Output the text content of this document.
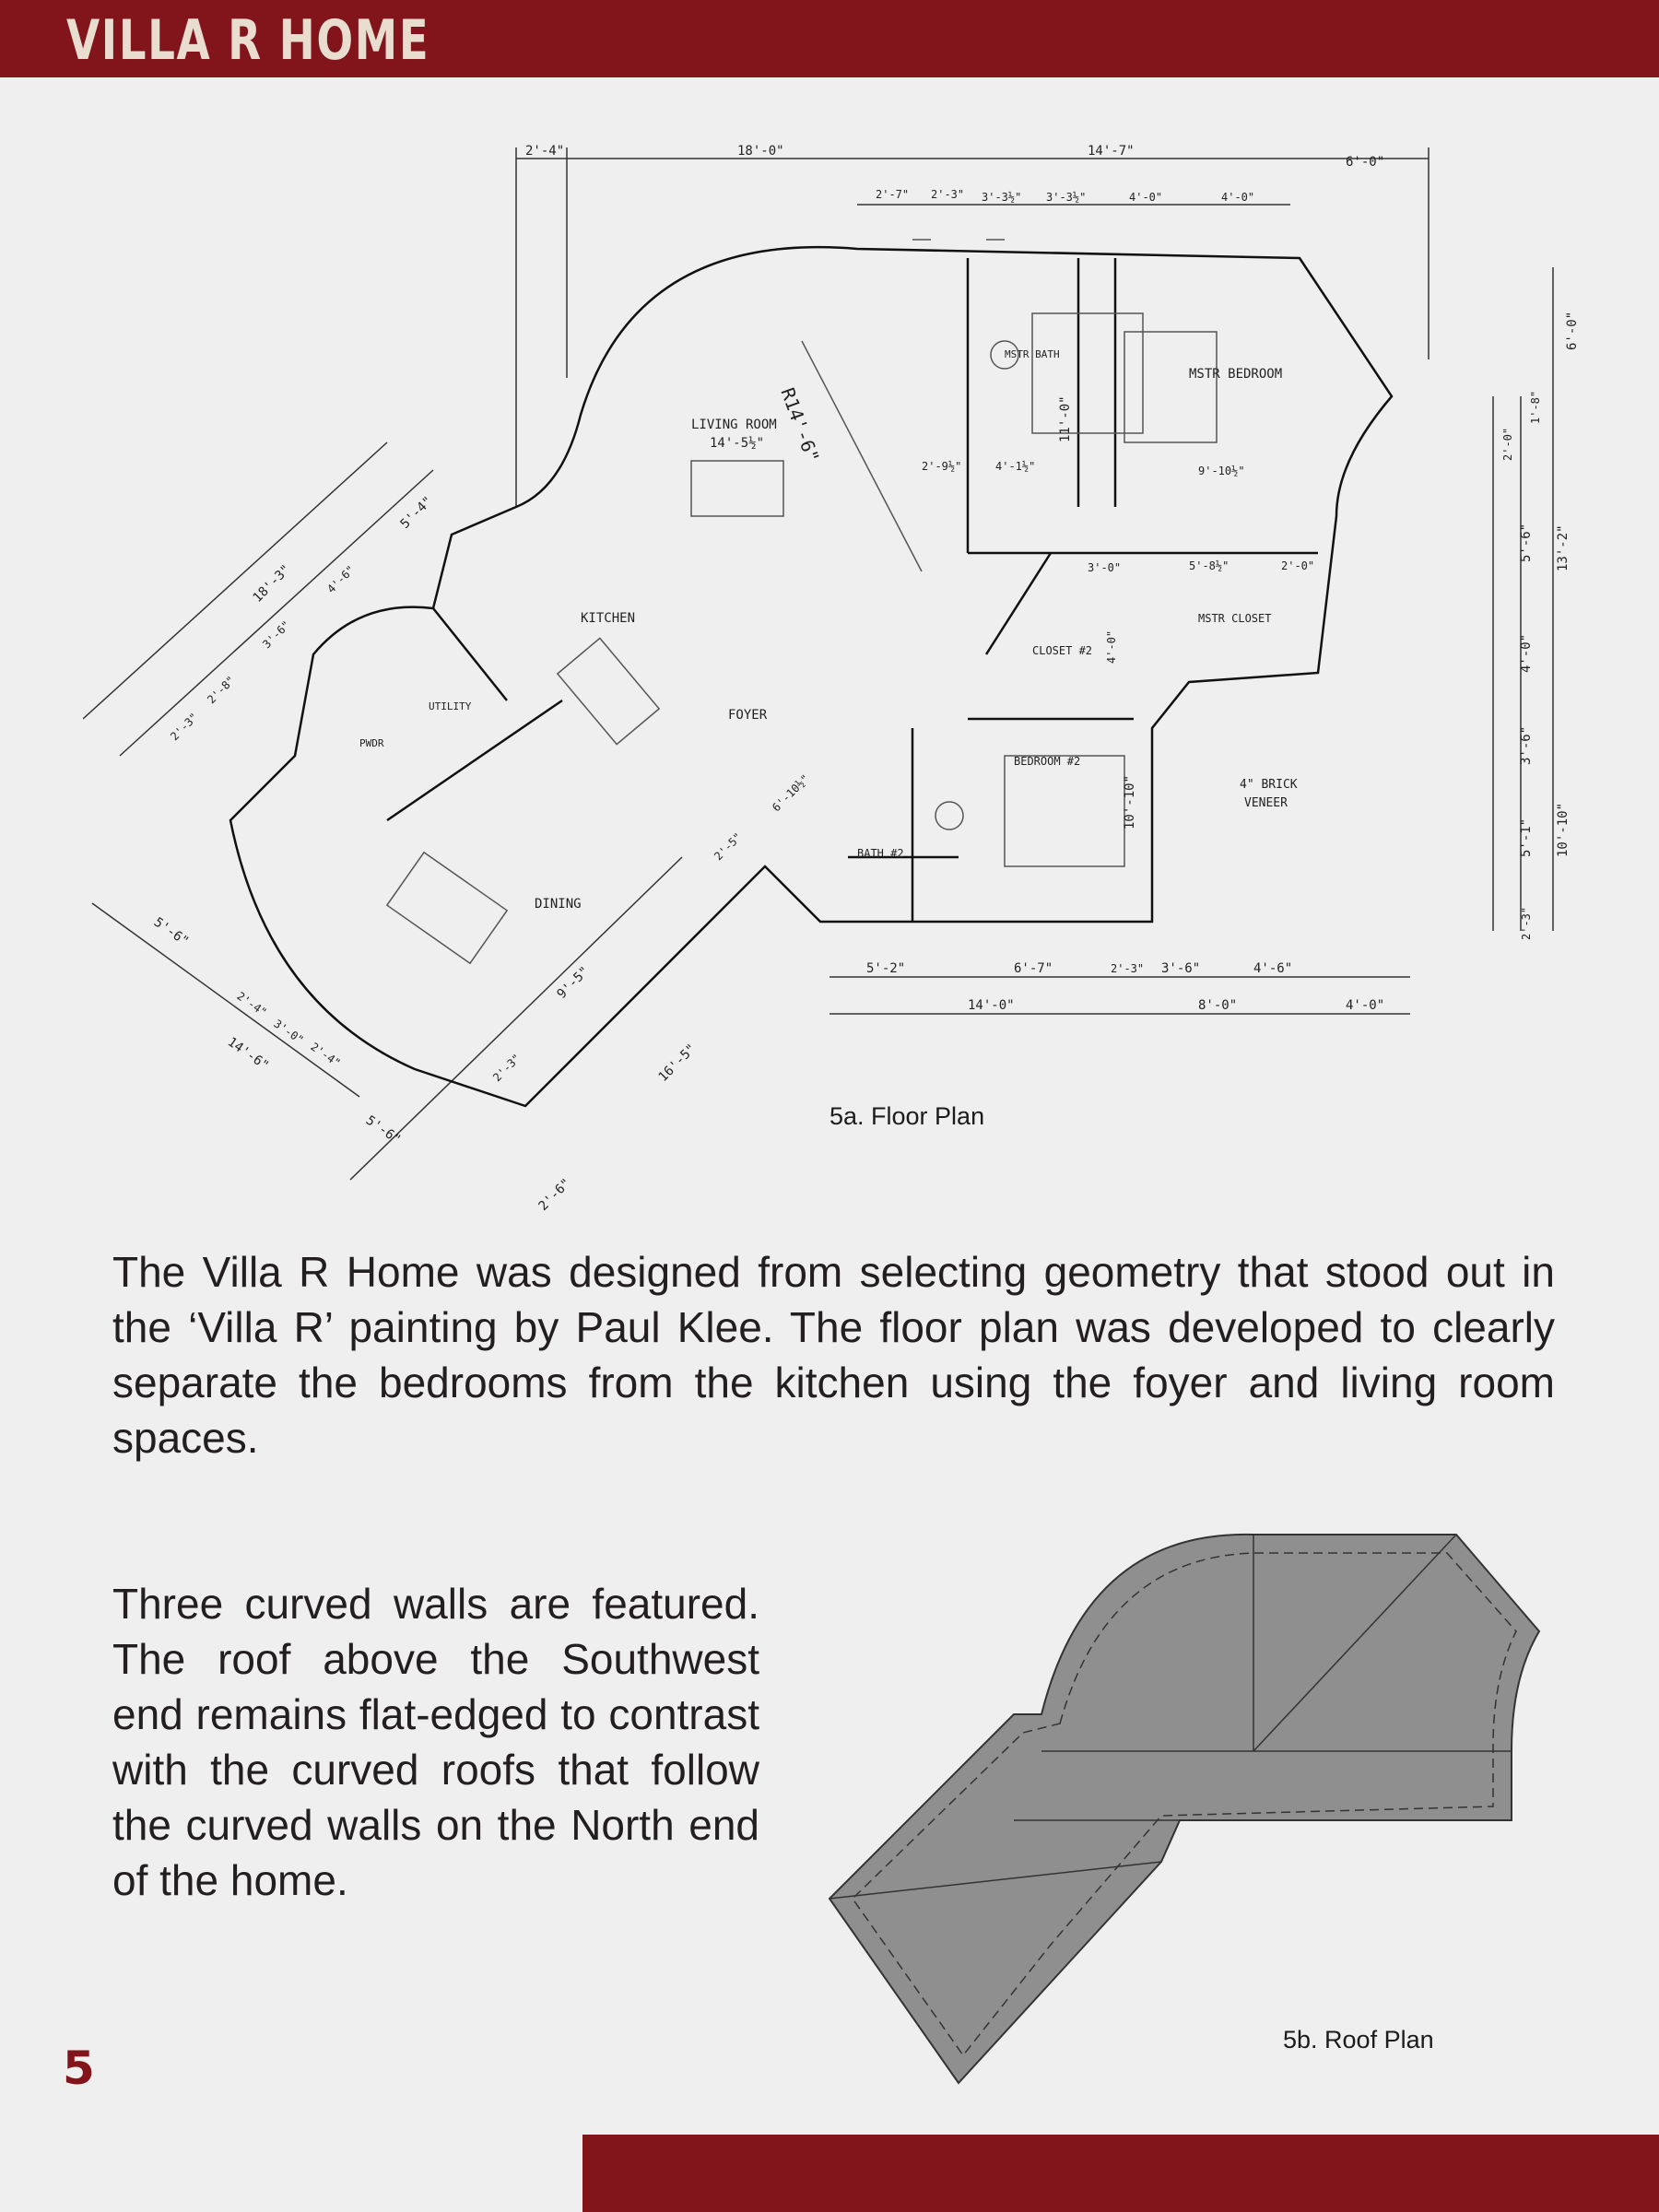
VILLA R HOME
LIVING ROOM
14'-5½" R14'-6"
MSTR BATH
MSTR BEDROOM
KITCHEN
UTILITY
PWDR
FOYER
CLOSET #2
MSTR CLOSET
BEDROOM #2
BATH #2
DINING
4" BRICK
VENEER
2'-4"	18'-0"	14'-7"
6'-0"
2'-7" 2'-3" 3'-3½" 3'-3½"	4'-0"	4'-0"
11'-0"
4'-1½"	9'-10½"
2'-9½"
3'-0"	5'-8½"	2'-0"
10'-10"
4'-0"
6'-10½"
2'-5"
6'-0"
1'-8"
2'-0"
5'-6" 13'-2"
4'-0"
3'-6"
5'-1" 10'-10"
2'-3"
5'-2"	6'-7"	2'-3" 3'-6"	4'-6"
14'-0"	8'-0"	4'-0"
18'-3"
5'-4"
4'-6"
3'-6"
2'-8"
2'-3"
5'-6"
2'-4"
3'-0"
2'-4"
14'-6"
5'-6"
2'-6"
16'-5"
9'-5"
2'-3"
5a. Floor Plan

The Villa R Home was designed from selecting geometry that stood out in the ‘Villa R’ painting by Paul Klee. The floor plan was developed to clearly separate the bedrooms from the kitchen using the foyer and living room spaces.

Three curved walls are featured. The roof above the Southwest end remains flat-edged to contrast with the curved roofs that follow the curved walls on the North end of the home.

5b. Roof Plan
5
